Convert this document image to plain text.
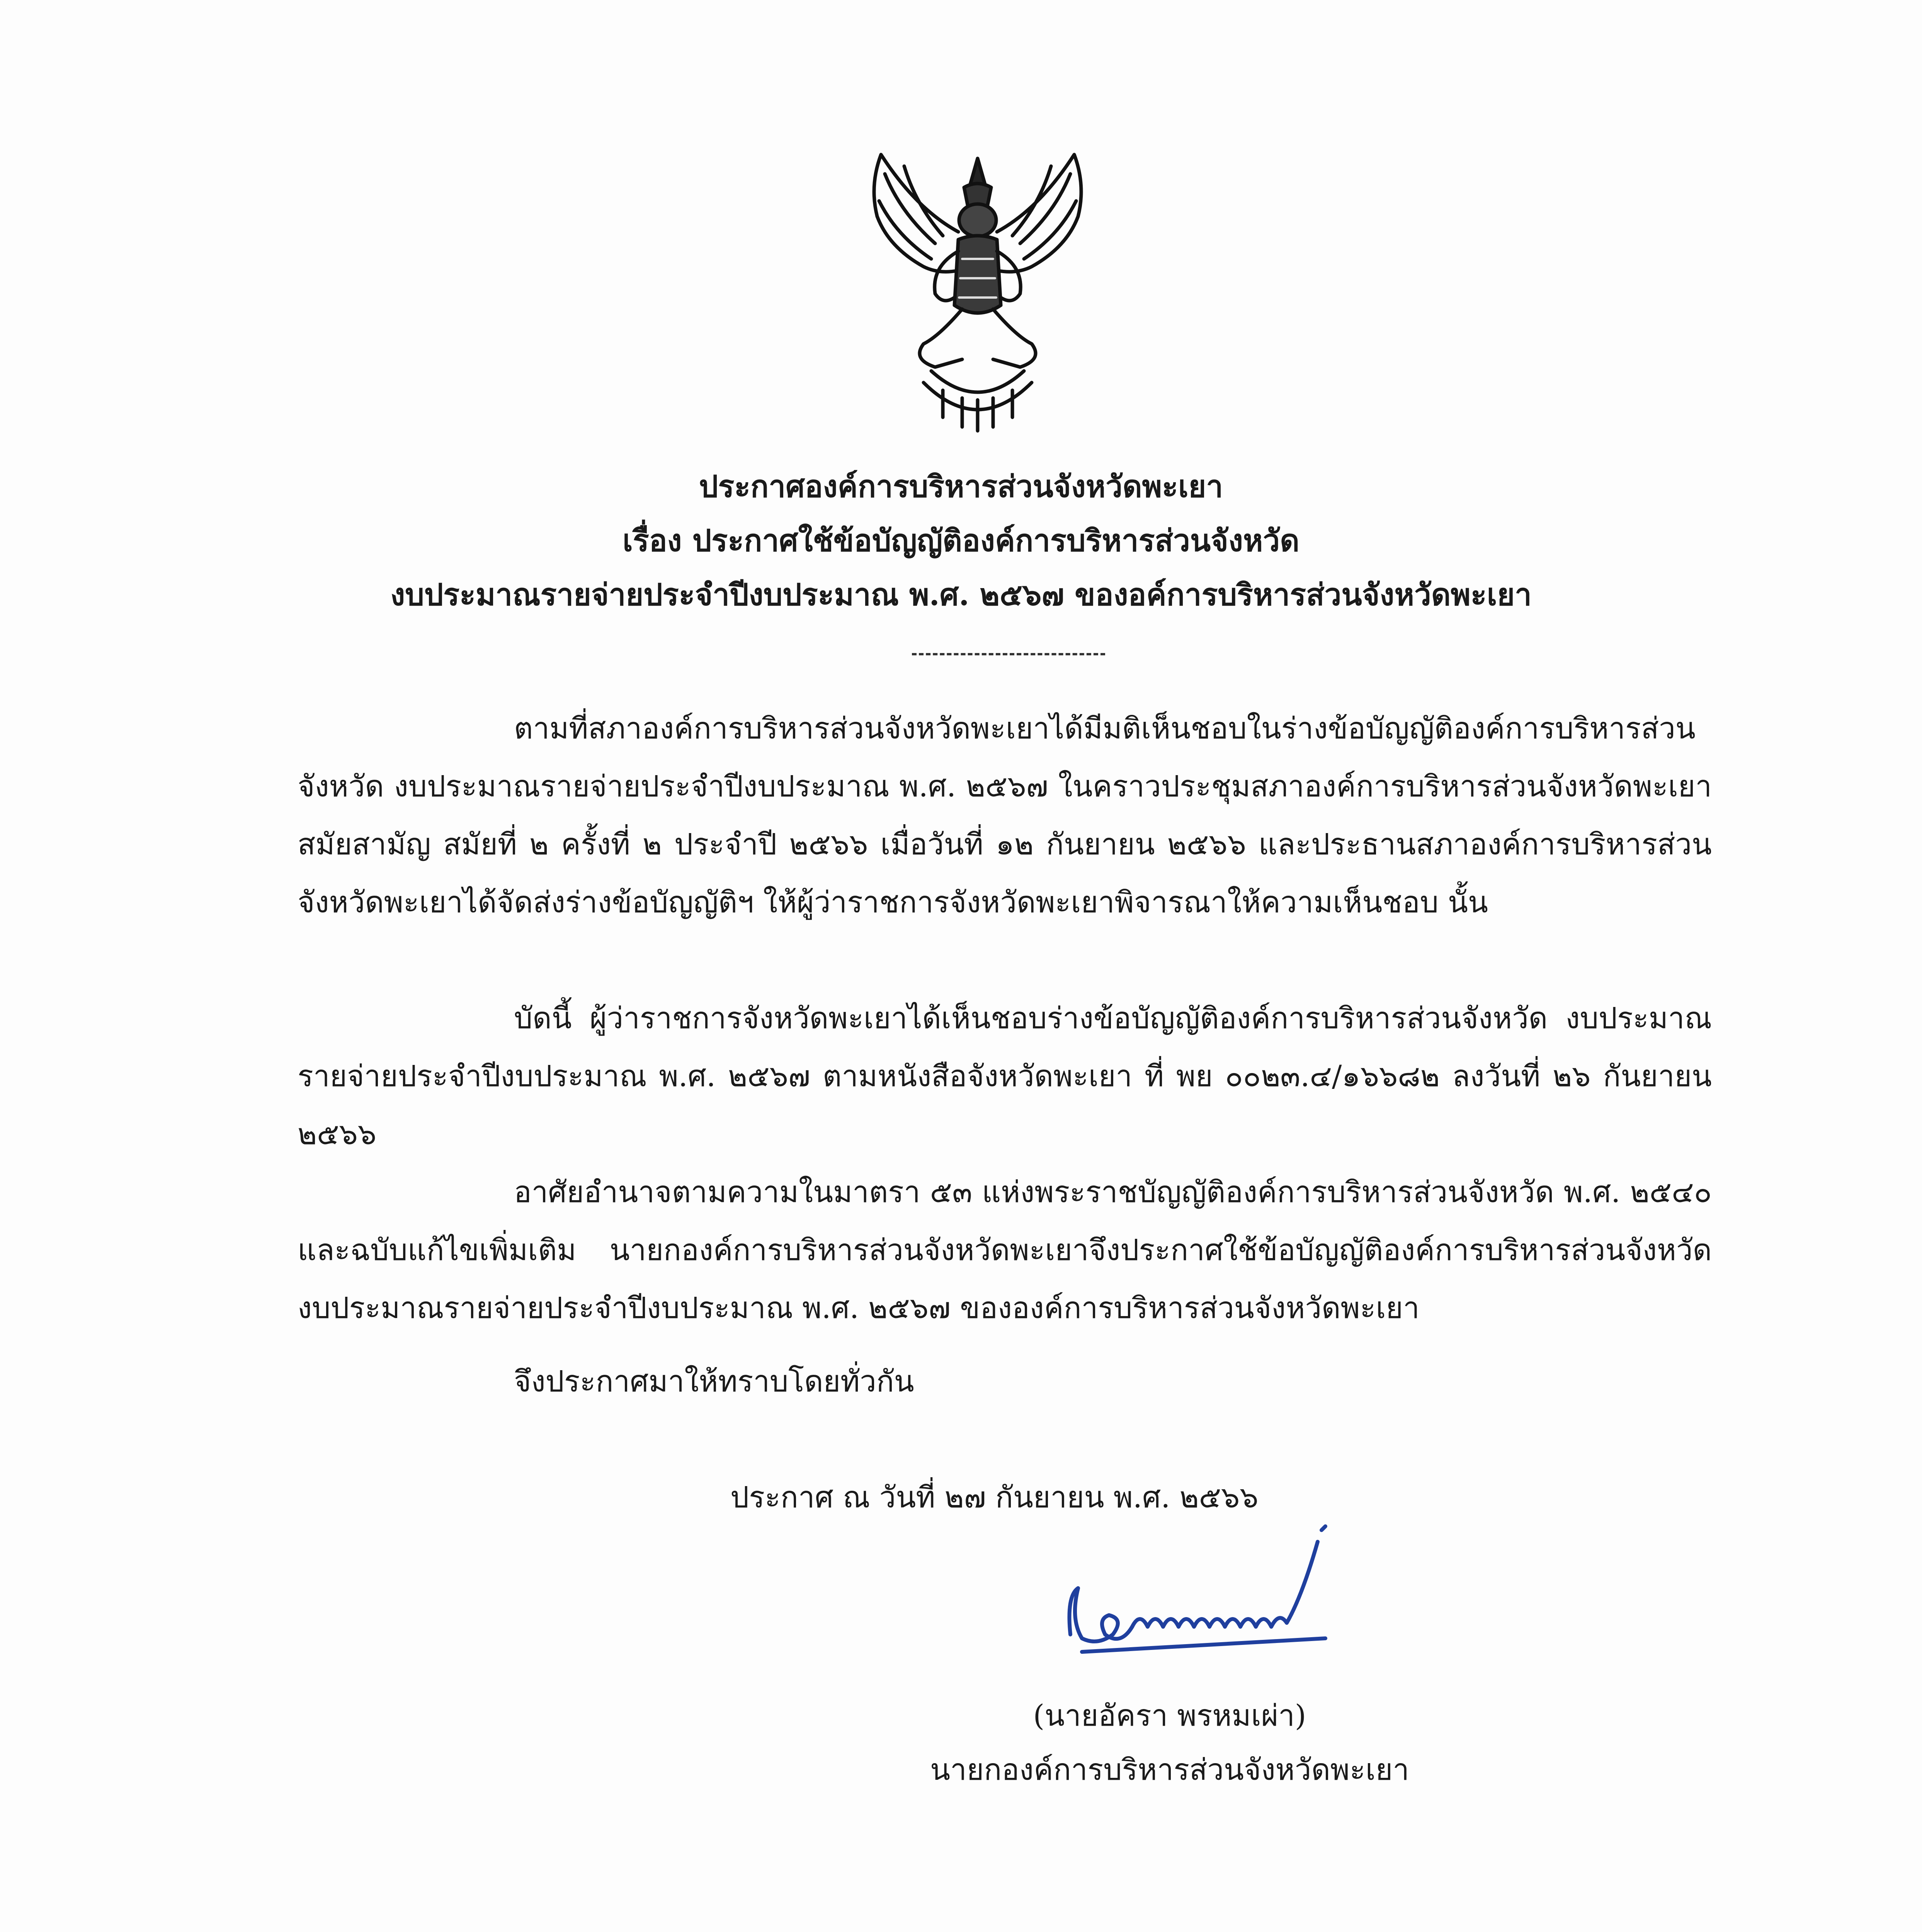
ประกาศองค์การบริหารส่วนจังหวัดพะเยา
เรื่อง ประกาศใช้ข้อบัญญัติองค์การบริหารส่วนจังหวัด
งบประมาณรายจ่ายประจำปีงบประมาณ พ.ศ. ๒๕๖๗ ของอค์การบริหารส่วนจังหวัดพะเยา
ตามที่สภาองค์การบริหารส่วนจังหวัดพะเยาได้มีมติเห็นชอบในร่างข้อบัญญัติองค์การบริหารส่วนจังหวัด งบประมาณรายจ่ายประจำปีงบประมาณ พ.ศ. ๒๕๖๗ ในคราวประชุมสภาองค์การบริหารส่วนจังหวัดพะเยา สมัยสามัญ สมัยที่ ๒ ครั้งที่ ๒ ประจำปี ๒๕๖๖ เมื่อวันที่ ๑๒ กันยายน ๒๕๖๖ และประธานสภาองค์การบริหารส่วนจังหวัดพะเยาได้จัดส่งร่างข้อบัญญัติฯ ให้ผู้ว่าราชการจังหวัดพะเยาพิจารณาให้ความเห็นชอบ นั้น
บัดนี้ ผู้ว่าราชการจังหวัดพะเยาได้เห็นชอบร่างข้อบัญญัติองค์การบริหารส่วนจังหวัด งบประมาณรายจ่ายประจำปีงบประมาณ พ.ศ. ๒๕๖๗ ตามหนังสือจังหวัดพะเยา ที่ พย ๐๐๒๓.๔/๑๖๖๘๒ ลงวันที่ ๒๖ กันยายน ๒๕๖๖
อาศัยอำนาจตามความในมาตรา ๕๓ แห่งพระราชบัญญัติองค์การบริหารส่วนจังหวัด พ.ศ. ๒๕๔๐ และฉบับแก้ไขเพิ่มเติม นายกองค์การบริหารส่วนจังหวัดพะเยาจึงประกาศใช้ข้อบัญญัติองค์การบริหารส่วนจังหวัด งบประมาณรายจ่ายประจำปีงบประมาณ พ.ศ. ๒๕๖๗ ขององค์การบริหารส่วนจังหวัดพะเยา
จึงประกาศมาให้ทราบโดยทั่วกัน
ประกาศ ณ วันที่ ๒๗ กันยายน พ.ศ. ๒๕๖๖
(นายอัครา พรหมเผ่า)
นายกองค์การบริหารส่วนจังหวัดพะเยา
